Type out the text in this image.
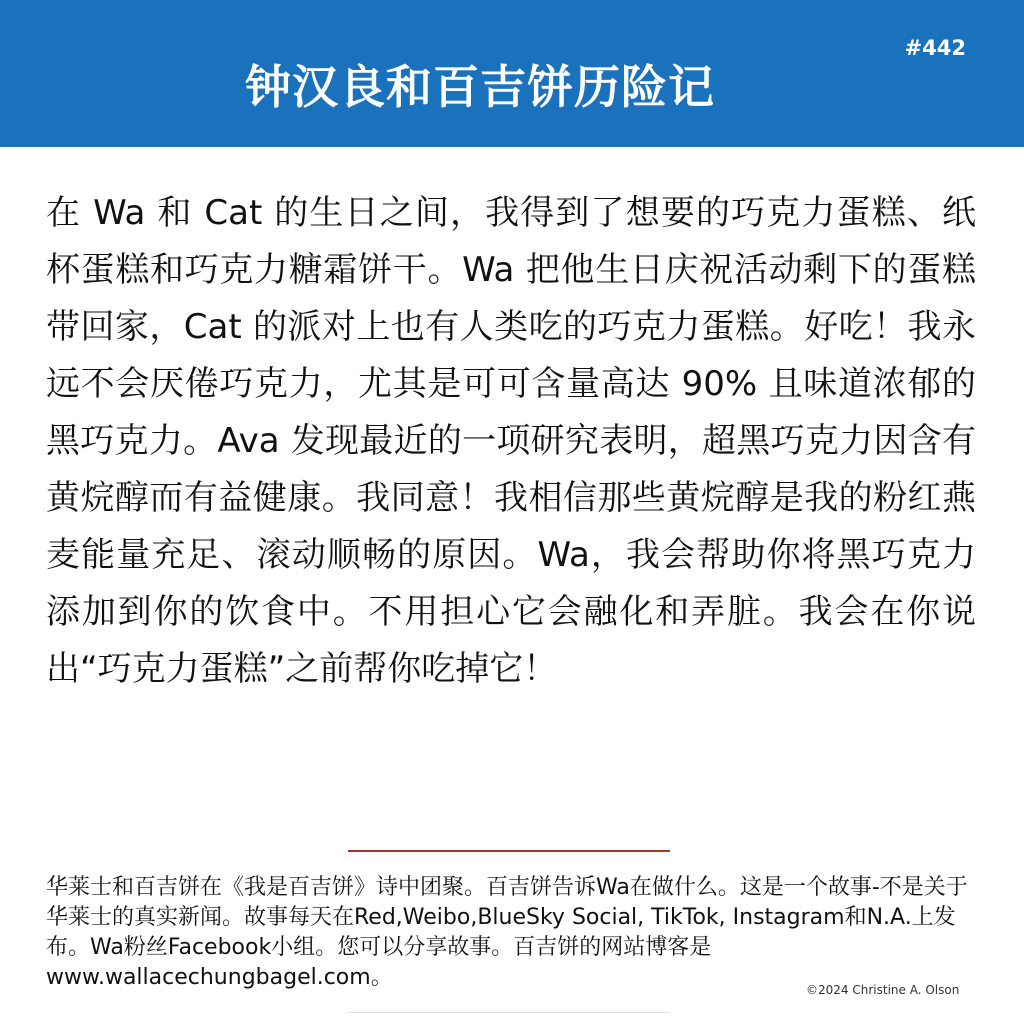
#442
钟汉良和百吉饼历险记

在 Wa 和 Cat 的生日之间，我得到了想要的巧克力蛋糕、纸杯蛋糕和巧克力糖霜饼干。Wa 把他生日庆祝活动剩下的蛋糕带回家，Cat 的派对上也有人类吃的巧克力蛋糕。好吃！我永远不会厌倦巧克力，尤其是可可含量高达 90% 且味道浓郁的黑巧克力。Ava 发现最近的一项研究表明，超黑巧克力因含有黄烷醇而有益健康。我同意！我相信那些黄烷醇是我的粉红燕麦能量充足、滚动顺畅的原因。Wa，我会帮助你将黑巧克力添加到你的饮食中。不用担心它会融化和弄脏。我会在你说出“巧克力蛋糕”之前帮你吃掉它！

华莱士和百吉饼在《我是百吉饼》诗中团聚。百吉饼告诉Wa在做什么。这是一个故事-不是关于华莱士的真实新闻。故事每天在Red,Weibo,BlueSky Social, TikTok, Instagram和N.A.上发布。Wa粉丝Facebook小组。您可以分享故事。百吉饼的网站博客是www.wallacechungbagel.com。	©2024 Christine A. Olson
